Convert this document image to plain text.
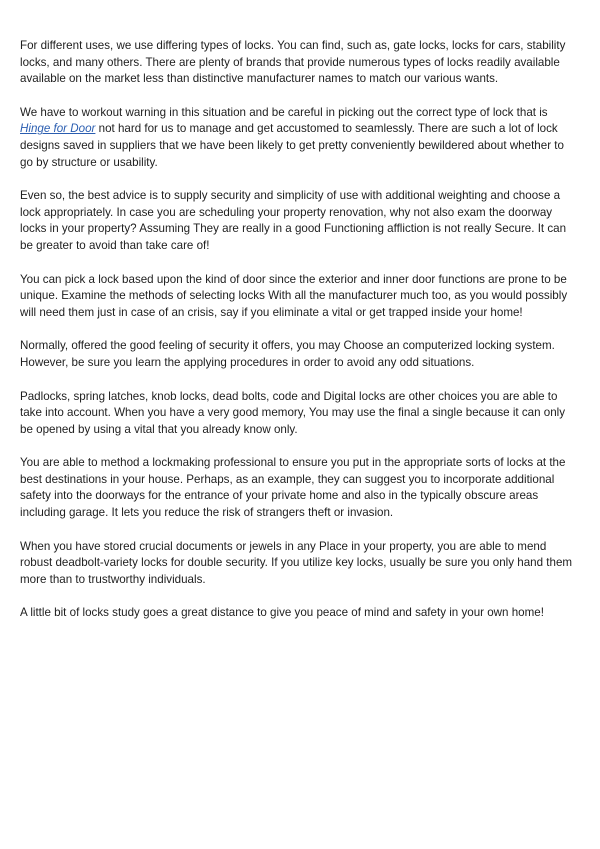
For different uses, we use differing types of locks. You can find, such as, gate locks, locks for cars, stability locks, and many others. There are plenty of brands that provide numerous types of locks readily available available on the market less than distinctive manufacturer names to match our various wants.

We have to workout warning in this situation and be careful in picking out the correct type of lock that is Hinge for Door not hard for us to manage and get accustomed to seamlessly. There are such a lot of lock designs saved in suppliers that we have been likely to get pretty conveniently bewildered about whether to go by structure or usability.

Even so, the best advice is to supply security and simplicity of use with additional weighting and choose a lock appropriately. In case you are scheduling your property renovation, why not also exam the doorway locks in your property? Assuming They are really in a good Functioning affliction is not really Secure. It can be greater to avoid than take care of!

You can pick a lock based upon the kind of door since the exterior and inner door functions are prone to be unique. Examine the methods of selecting locks With all the manufacturer much too, as you would possibly will need them just in case of an crisis, say if you eliminate a vital or get trapped inside your home!

Normally, offered the good feeling of security it offers, you may Choose an computerized locking system. However, be sure you learn the applying procedures in order to avoid any odd situations.

Padlocks, spring latches, knob locks, dead bolts, code and Digital locks are other choices you are able to take into account. When you have a very good memory, You may use the final a single because it can only be opened by using a vital that you already know only.

You are able to method a lockmaking professional to ensure you put in the appropriate sorts of locks at the best destinations in your house. Perhaps, as an example, they can suggest you to incorporate additional safety into the doorways for the entrance of your private home and also in the typically obscure areas including garage. It lets you reduce the risk of strangers theft or invasion.

When you have stored crucial documents or jewels in any Place in your property, you are able to mend robust deadbolt-variety locks for double security. If you utilize key locks, usually be sure you only hand them more than to trustworthy individuals.

A little bit of locks study goes a great distance to give you peace of mind and safety in your own home!
